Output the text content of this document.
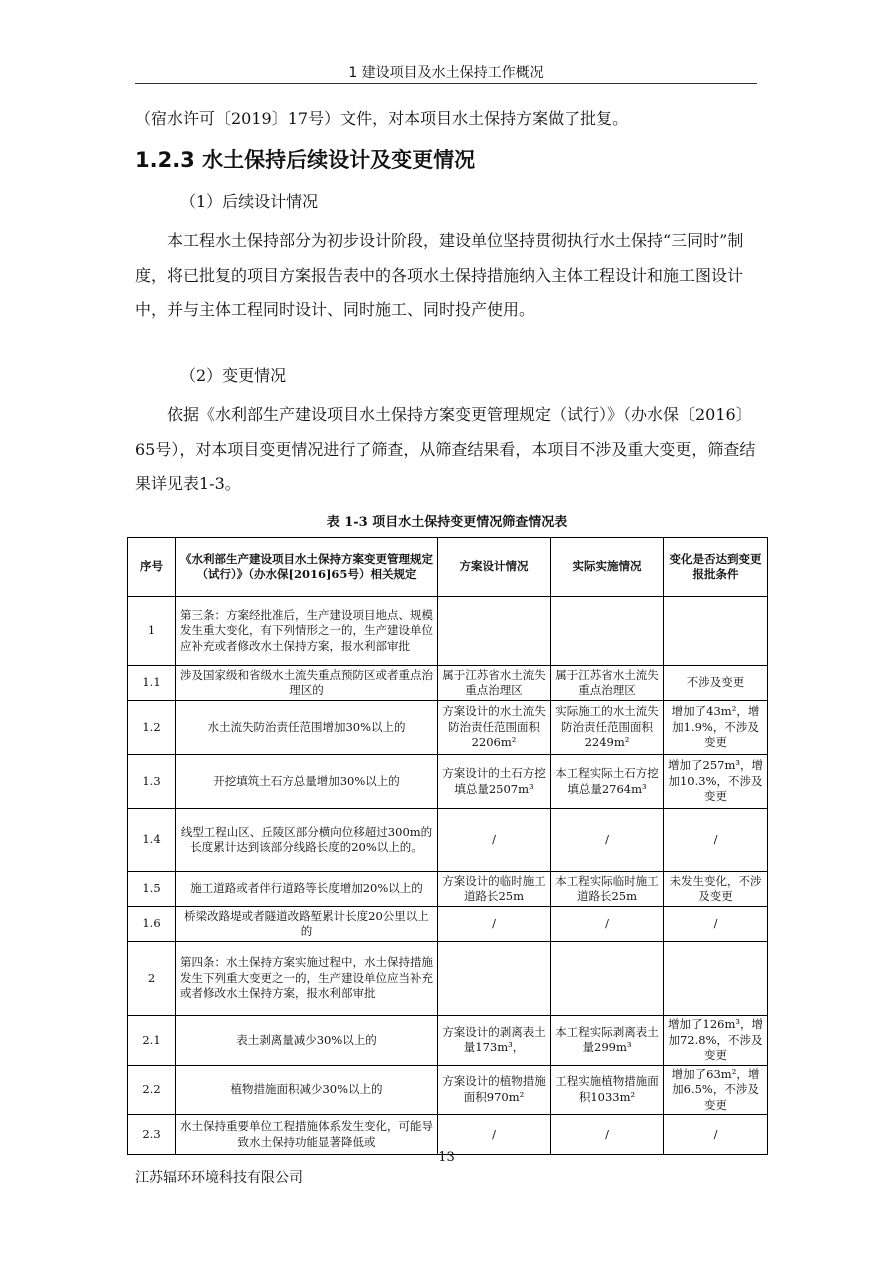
1 建设项目及水土保持工作概况

（宿水许可〔2019〕17号）文件，对本项目水土保持方案做了批复。

1.2.3 水土保持后续设计及变更情况

（1）后续设计情况

本工程水土保持部分为初步设计阶段，建设单位坚持贯彻执行水土保持“三同时”制度，将已批复的项目方案报告表中的各项水土保持措施纳入主体工程设计和施工图设计中，并与主体工程同时设计、同时施工、同时投产使用。

（2）变更情况

依据《水利部生产建设项目水土保持方案变更管理规定（试行）》（办水保〔2016〕65号），对本项目变更情况进行了筛查，从筛查结果看，本项目不涉及重大变更，筛查结果详见表1-3。

表 1-3 项目水土保持变更情况筛查情况表
序号	《水利部生产建设项目水土保持方案变更管理规定（试行）》（办水保[2016]65号）相关规定	方案设计情况	实际实施情况	变化是否达到变更报批条件
1	第三条：方案经批准后，生产建设项目地点、规模发生重大变化，有下列情形之一的，生产建设单位应补充或者修改水土保持方案，报水利部审批			
1.1	涉及国家级和省级水土流失重点预防区或者重点治理区的	属于江苏省水土流失重点治理区	属于江苏省水土流失重点治理区	不涉及变更
1.2	水土流失防治责任范围增加30%以上的	方案设计的水土流失防治责任范围面积2206m²	实际施工的水土流失防治责任范围面积2249m²	增加了43m²，增加1.9%，不涉及变更
1.3	开挖填筑土石方总量增加30%以上的	方案设计的土石方挖填总量2507m³	本工程实际土石方挖填总量2764m³	增加了257m³，增加10.3%，不涉及变更
1.4	线型工程山区、丘陵区部分横向位移超过300m的长度累计达到该部分线路长度的20%以上的。	/	/	/
1.5	施工道路或者伴行道路等长度增加20%以上的	方案设计的临时施工道路长25m	本工程实际临时施工道路长25m	未发生变化，不涉及变更
1.6	桥梁改路堤或者隧道改路堑累计长度20公里以上的	/	/	/
2	第四条：水土保持方案实施过程中，水土保持措施发生下列重大变更之一的，生产建设单位应当补充或者修改水土保持方案，报水利部审批			
2.1	表土剥离量减少30%以上的	方案设计的剥离表土量173m³，	本工程实际剥离表土量299m³	增加了126m³，增加72.8%，不涉及变更
2.2	植物措施面积减少30%以上的	方案设计的植物措施面积970m²	工程实施植物措施面积1033m²	增加了63m²，增加6.5%，不涉及变更
2.3	水土保持重要单位工程措施体系发生变化，可能导致水土保持功能显著降低或	/	/	/
13
江苏辐环环境科技有限公司
